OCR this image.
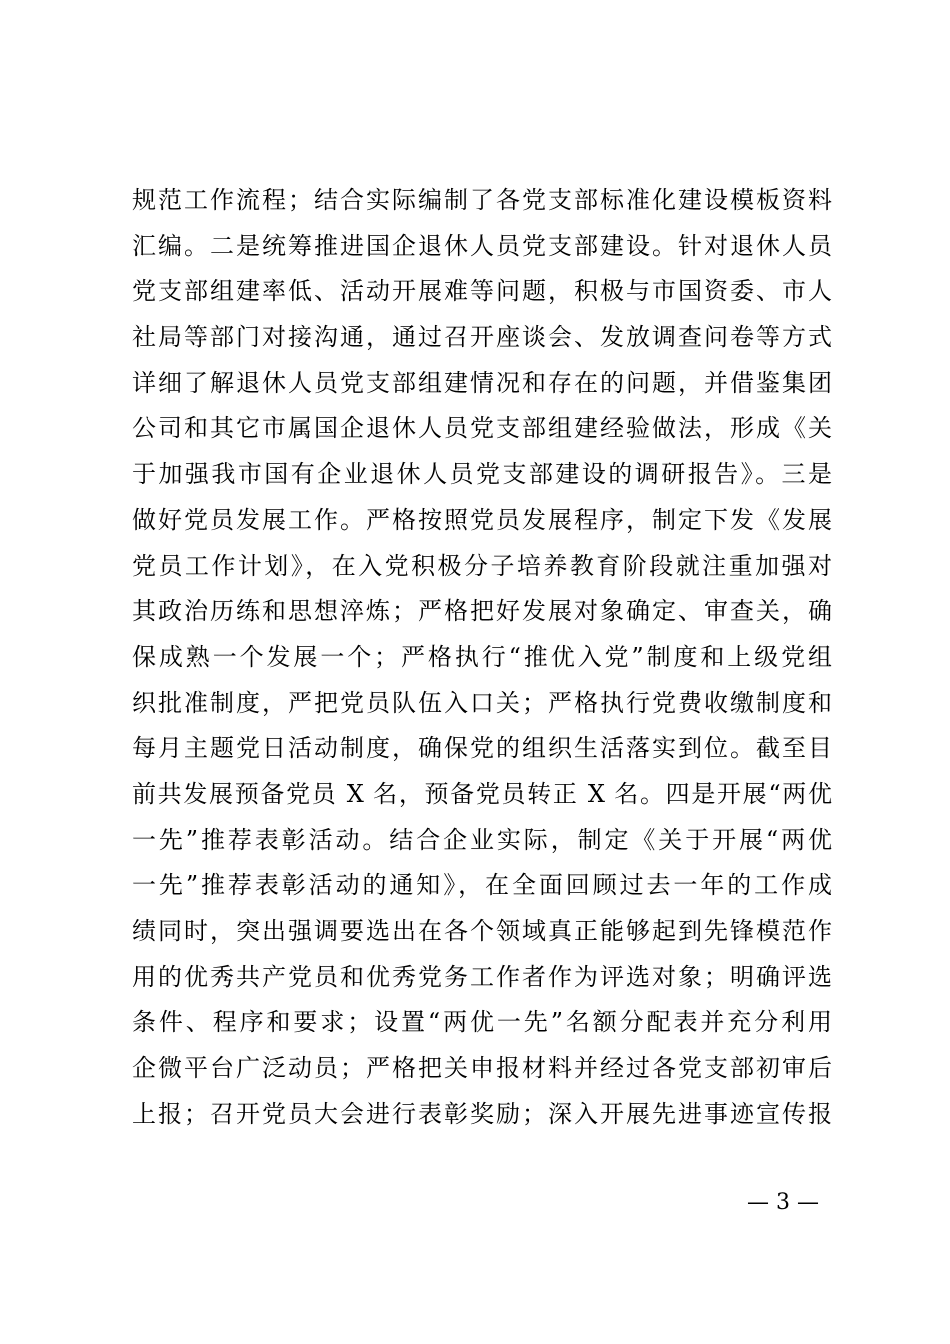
规范工作流程；结合实际编制了各党支部标准化建设模板资料
汇编。二是统筹推进国企退休人员党支部建设。针对退休人员
党支部组建率低、活动开展难等问题，积极与市国资委、市人
社局等部门对接沟通，通过召开座谈会、发放调查问卷等方式
详细了解退休人员党支部组建情况和存在的问题，并借鉴集团
公司和其它市属国企退休人员党支部组建经验做法，形成《关
于加强我市国有企业退休人员党支部建设的调研报告》。三是
做好党员发展工作。严格按照党员发展程序，制定下发《发展
党员工作计划》，在入党积极分子培养教育阶段就注重加强对
其政治历练和思想淬炼；严格把好发展对象确定、审查关，确
保成熟一个发展一个；严格执行“推优入党”制度和上级党组
织批准制度，严把党员队伍入口关；严格执行党费收缴制度和
每月主题党日活动制度，确保党的组织生活落实到位。截至目
前共发展预备党员 X 名，预备党员转正 X 名。四是开展“两优
一先”推荐表彰活动。结合企业实际，制定《关于开展“两优
一先”推荐表彰活动的通知》，在全面回顾过去一年的工作成
绩同时，突出强调要选出在各个领域真正能够起到先锋模范作
用的优秀共产党员和优秀党务工作者作为评选对象；明确评选
条件、程序和要求；设置“两优一先”名额分配表并充分利用
企微平台广泛动员；严格把关申报材料并经过各党支部初审后
上报；召开党员大会进行表彰奖励；深入开展先进事迹宣传报
— 3 —
